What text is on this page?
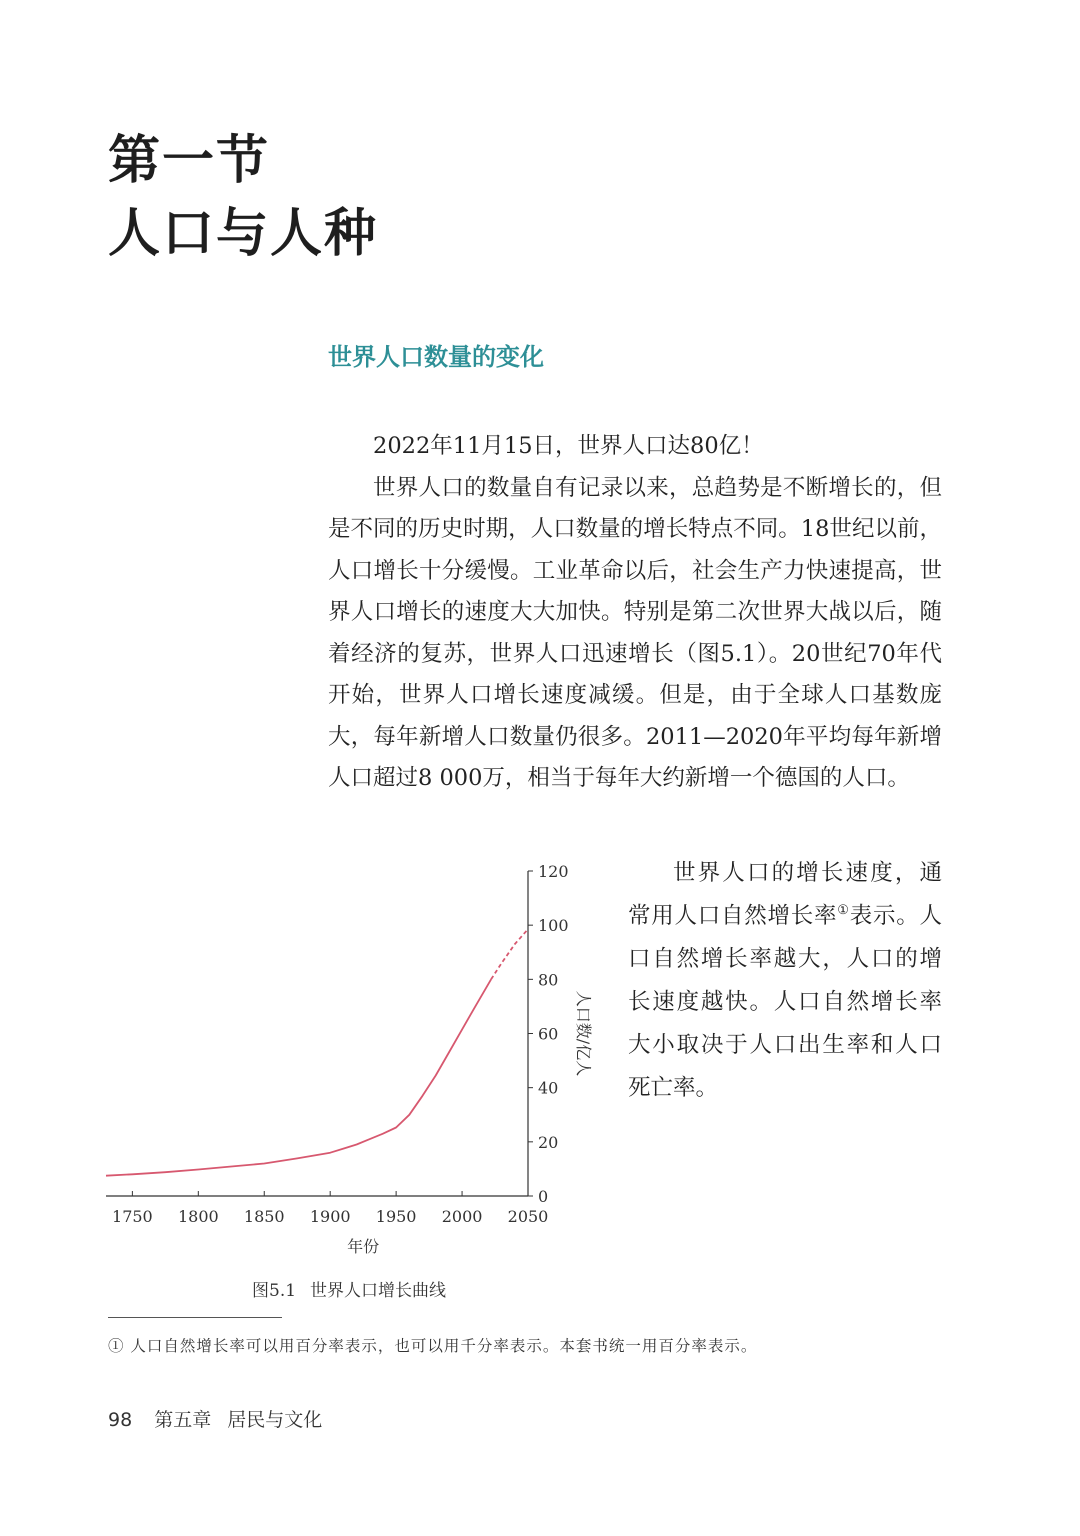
第一节
人口与人种
世界人口数量的变化

2022年11月15日，世界人口达80亿！

世界人口的数量自有记录以来，总趋势是不断增长的，但是不同的历史时期，人口数量的增长特点不同。18世纪以前，人口增长十分缓慢。工业革命以后，社会生产力快速提高，世界人口增长的速度大大加快。特别是第二次世界大战以后，随着经济的复苏，世界人口迅速增长（图5.1）。20世纪70年代开始，世界人口增长速度减缓。但是，由于全球人口基数庞大，每年新增人口数量仍很多。2011—2020年平均每年新增人口超过8 000万，相当于每年大约新增一个德国的人口。

1750 1800 1850 1900 1950 2000 2050
0
20
40
60
80
100
120
年份
人口数/亿人

世界人口的增长速度，通常用人口自然增长率①表示。人口自然增长率越大，人口的增长速度越快。人口自然增长率大小取决于人口出生率和人口死亡率。

图5.1 世界人口增长曲线
① 人口自然增长率可以用百分率表示，也可以用千分率表示。本套书统一用百分率表示。
98 第五章 居民与文化
